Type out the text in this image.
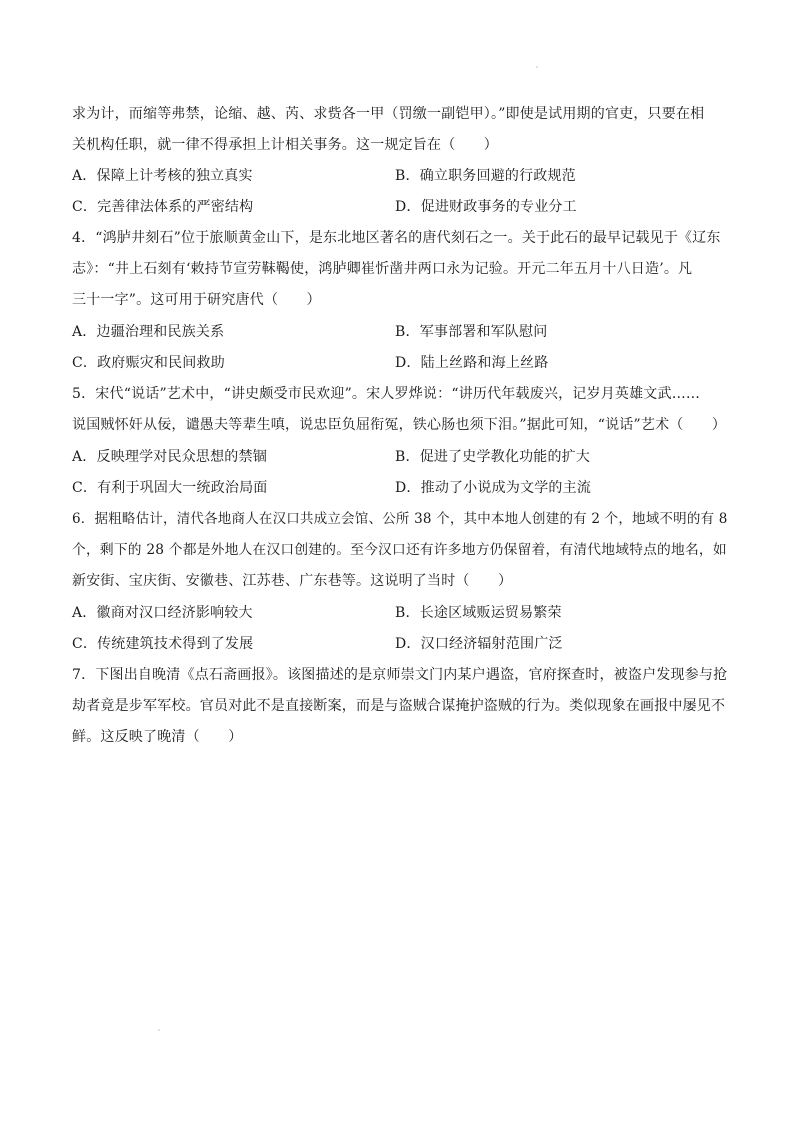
求为计，而缩等弗禁，论缩、越、芮、求赀各一甲（罚缴一副铠甲）。”即使是试用期的官吏，只要在相
关机构任职，就一律不得承担上计相关事务。这一规定旨在（　　）
A．保障上计考核的独立真实	B．确立职务回避的行政规范
C．完善律法体系的严密结构	D．促进财政事务的专业分工
4．“鸿胪井刻石”位于旅顺黄金山下，是东北地区著名的唐代刻石之一。关于此石的最早记载见于《辽东
志》：“井上石刻有‘敕持节宣劳靺鞨使，鸿胪卿崔忻凿井两口永为记验。开元二年五月十八日造’。凡
三十一字”。这可用于研究唐代（　　）
A．边疆治理和民族关系	B．军事部署和军队慰问
C．政府赈灾和民间救助	D．陆上丝路和海上丝路
5．宋代“说话”艺术中，“讲史颇受市民欢迎”。宋人罗烨说：“讲历代年载废兴，记岁月英雄文武……
说国贼怀奸从佞，谴愚夫等辈生嗔，说忠臣负屈衔冤，铁心肠也须下泪。”据此可知，“说话”艺术（　　）
A．反映理学对民众思想的禁锢	B．促进了史学教化功能的扩大
C．有利于巩固大一统政治局面	D．推动了小说成为文学的主流
6．据粗略估计，清代各地商人在汉口共成立会馆、公所 38 个，其中本地人创建的有 2 个，地域不明的有 8
个，剩下的 28 个都是外地人在汉口创建的。至今汉口还有许多地方仍保留着，有清代地域特点的地名，如
新安街、宝庆街、安徽巷、江苏巷、广东巷等。这说明了当时（　　）
A．徽商对汉口经济影响较大	B．长途区域贩运贸易繁荣
C．传统建筑技术得到了发展	D．汉口经济辐射范围广泛
7．下图出自晚清《点石斋画报》。该图描述的是京师崇文门内某户遇盗，官府探查时，被盗户发现参与抢
劫者竟是步军军校。官员对此不是直接断案，而是与盗贼合谋掩护盗贼的行为。类似现象在画报中屡见不
鲜。这反映了晚清（　　）
